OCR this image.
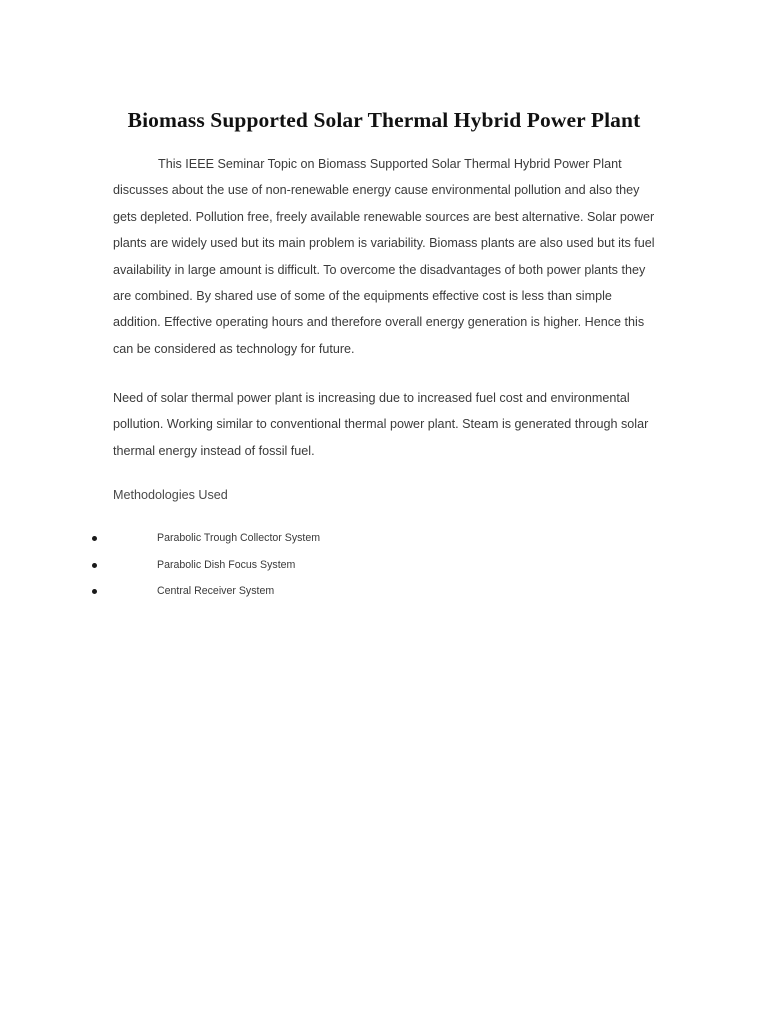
Biomass Supported Solar Thermal Hybrid Power Plant

This IEEE Seminar Topic on Biomass Supported Solar Thermal Hybrid Power Plant discusses about the use of non-renewable energy cause environmental pollution and also they gets depleted. Pollution free, freely available renewable sources are best alternative. Solar power plants are widely used but its main problem is variability. Biomass plants are also used but its fuel availability in large amount is difficult. To overcome the disadvantages of both power plants they are combined. By shared use of some of the equipments effective cost is less than simple addition. Effective operating hours and therefore overall energy generation is higher. Hence this can be considered as technology for future.

Need of solar thermal power plant is increasing due to increased fuel cost and environmental pollution. Working similar to conventional thermal power plant. Steam is generated through solar thermal energy instead of fossil fuel.

Methodologies Used

Parabolic Trough Collector System
Parabolic Dish Focus System
Central Receiver System
